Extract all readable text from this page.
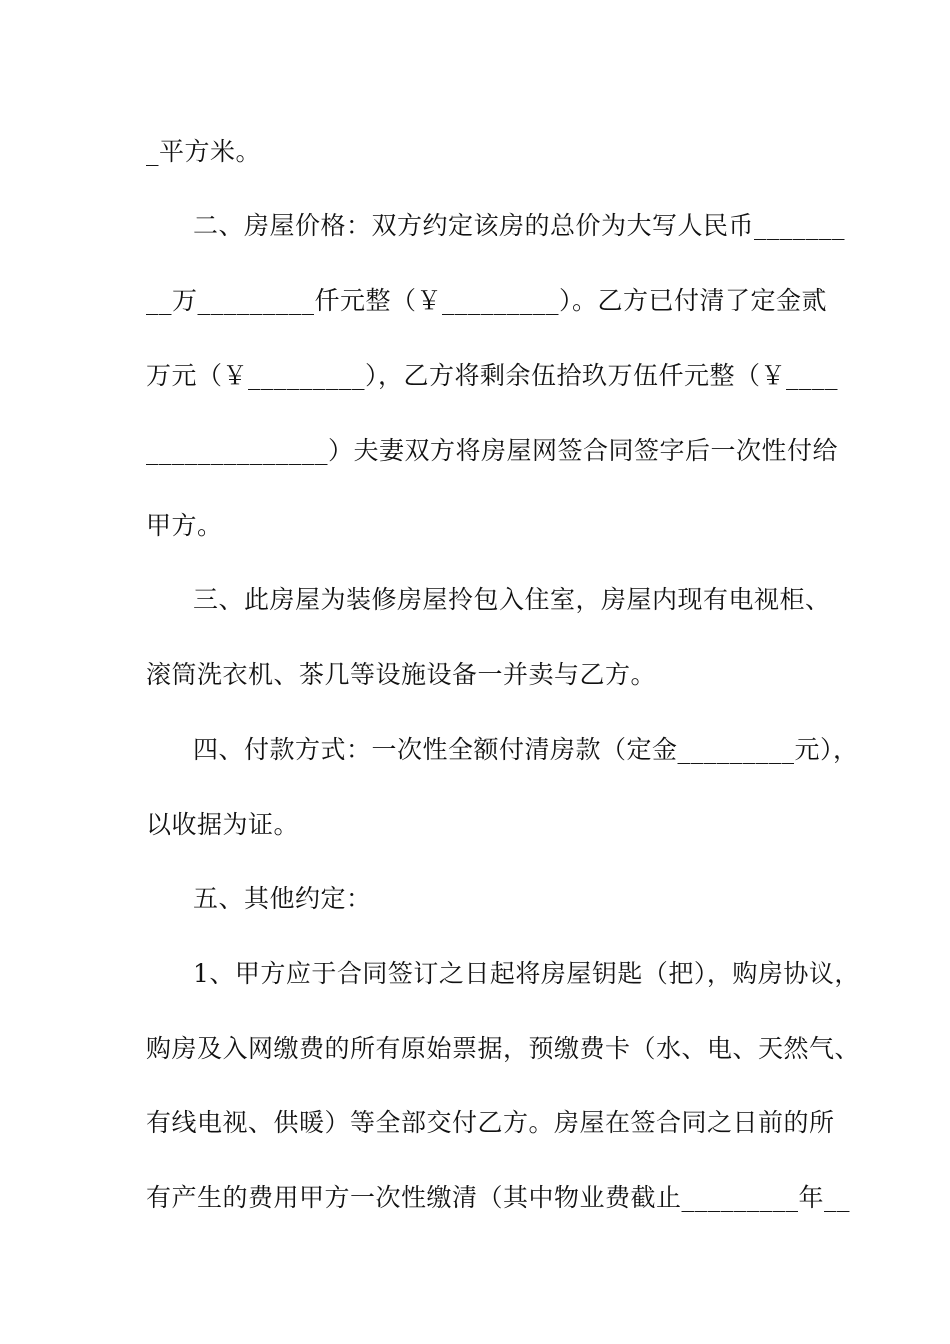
_平方米。
二、房屋价格：双方约定该房的总价为大写人民币_______
__万_________仟元整（￥_________）。乙方已付清了定金贰
万元（￥_________），乙方将剩余伍拾玖万伍仟元整（￥____
______________）夫妻双方将房屋网签合同签字后一次性付给
甲方。
三、此房屋为装修房屋拎包入住室，房屋内现有电视柜、
滚筒洗衣机、茶几等设施设备一并卖与乙方。
四、付款方式：一次性全额付清房款（定金_________元），
以收据为证。
五、其他约定：
1、甲方应于合同签订之日起将房屋钥匙（把），购房协议，
购房及入网缴费的所有原始票据，预缴费卡（水、电、天然气、
有线电视、供暖）等全部交付乙方。房屋在签合同之日前的所
有产生的费用甲方一次性缴清（其中物业费截止_________年__
